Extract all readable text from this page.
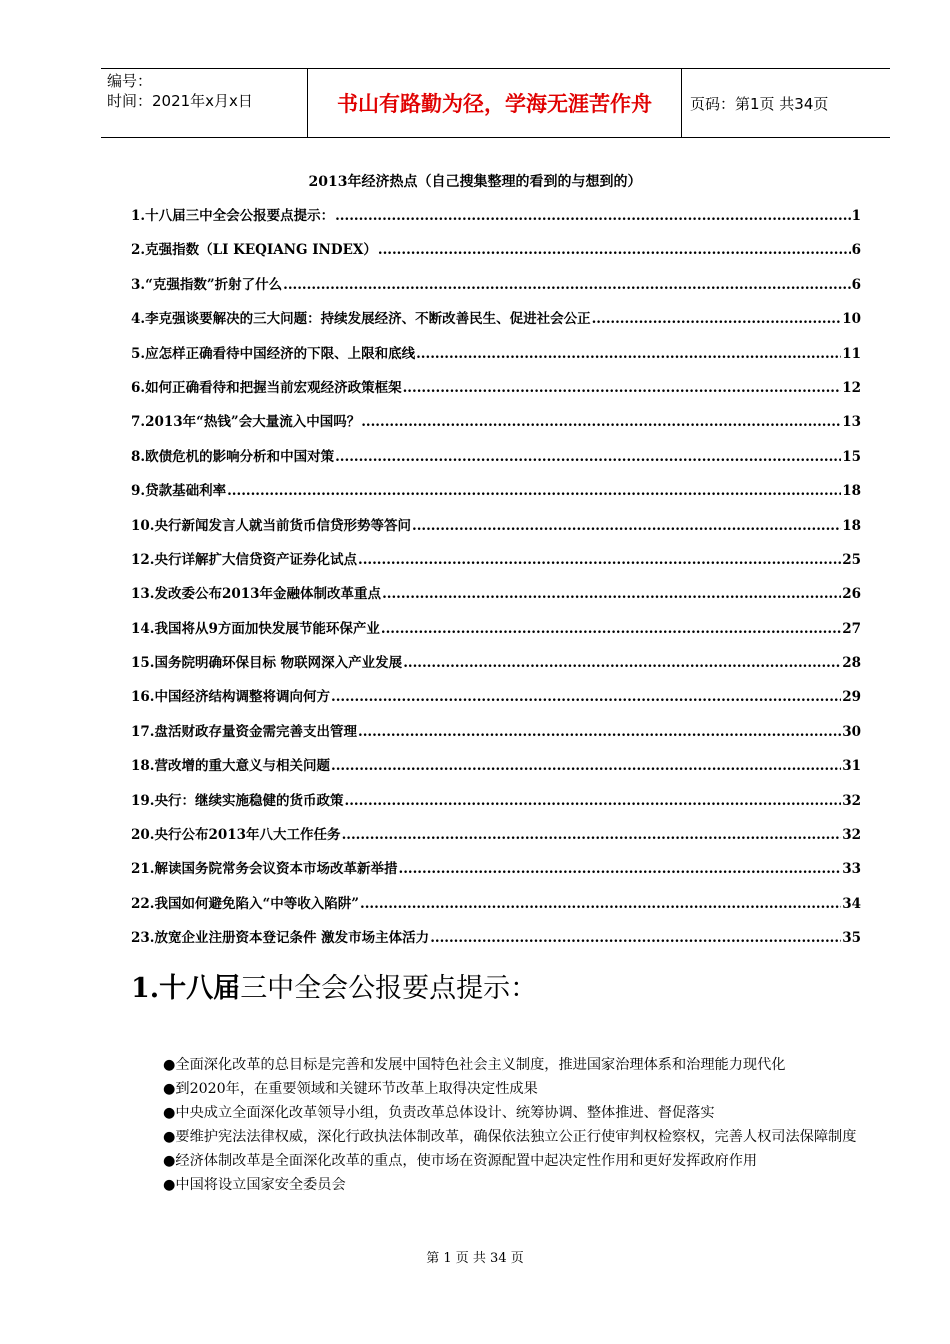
编号：
时间：2021年x月x日	书山有路勤为径，学海无涯苦作舟	页码：第1页 共34页
2013年经济热点（自己搜集整理的看到的与想到的）
1.十八届三中全会公报要点提示： .....	1
2.克强指数（LI KEQIANG INDEX） .....	6
3.“克强指数”折射了什么 .....	6
4.李克强谈要解决的三大问题：持续发展经济、不断改善民生、促进社会公正 .....	10
5.应怎样正确看待中国经济的下限、上限和底线 .....	11
6.如何正确看待和把握当前宏观经济政策框架 .....	12
7.2013年“热钱”会大量流入中国吗？ .....	13
8.欧债危机的影响分析和中国对策 .....	15
9.贷款基础利率 .....	18
10.央行新闻发言人就当前货币信贷形势等答问 .....	18
12.央行详解扩大信贷资产证券化试点 .....	25
13.发改委公布2013年金融体制改革重点 .....	26
14.我国将从9方面加快发展节能环保产业 .....	27
15.国务院明确环保目标 物联网深入产业发展 .....	28
16.中国经济结构调整将调向何方 .....	29
17.盘活财政存量资金需完善支出管理 .....	30
18.营改增的重大意义与相关问题 .....	31
19.央行：继续实施稳健的货币政策 .....	32
20.央行公布2013年八大工作任务 .....	32
21.解读国务院常务会议资本市场改革新举措 .....	33
22.我国如何避免陷入“中等收入陷阱” .....	34
23.放宽企业注册资本登记条件 激发市场主体活力 .....	35
1.十八届三中全会公报要点提示：
●全面深化改革的总目标是完善和发展中国特色社会主义制度，推进国家治理体系和治理能力现代化
●到2020年，在重要领域和关键环节改革上取得决定性成果
●中央成立全面深化改革领导小组，负责改革总体设计、统筹协调、整体推进、督促落实
●要维护宪法法律权威，深化行政执法体制改革，确保依法独立公正行使审判权检察权，完善人权司法保障制度
●经济体制改革是全面深化改革的重点，使市场在资源配置中起决定性作用和更好发挥政府作用
●中国将设立国家安全委员会
第 1 页 共 34 页
